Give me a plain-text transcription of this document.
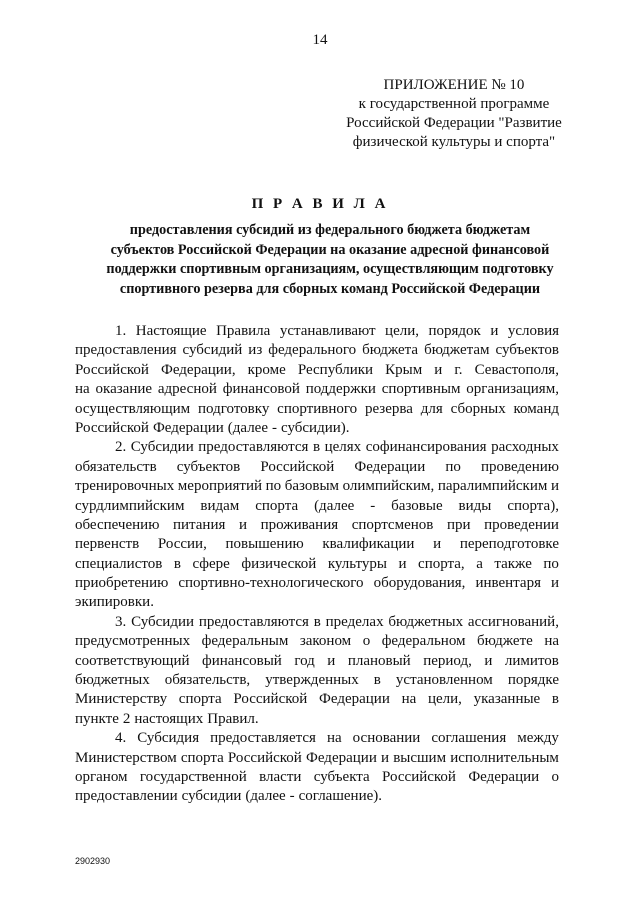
14
ПРИЛОЖЕНИЕ № 10
к государственной программе
Российской Федерации "Развитие
физической культуры и спорта"
П Р А В И Л А
предоставления субсидий из федерального бюджета бюджетам
субъектов Российской Федерации на оказание адресной финансовой
поддержки спортивным организациям, осуществляющим подготовку
спортивного резерва для сборных команд Российской Федерации
1. Настоящие Правила устанавливают цели, порядок и условия
предоставления субсидий из федерального бюджета бюджетам субъектов
Российской Федерации, кроме Республики Крым и г. Севастополя,
на оказание адресной финансовой поддержки спортивным организациям,
осуществляющим подготовку спортивного резерва для сборных команд
Российской Федерации (далее - субсидии).
2. Субсидии предоставляются в целях софинансирования расходных
обязательств субъектов Российской Федерации по проведению
тренировочных мероприятий по базовым олимпийским, паралимпийским и
сурдлимпийским видам спорта (далее - базовые виды спорта),
обеспечению питания и проживания спортсменов при проведении
первенств России, повышению квалификации и переподготовке
специалистов в сфере физической культуры и спорта, а также по
приобретению спортивно-технологического оборудования, инвентаря и
экипировки.
3. Субсидии предоставляются в пределах бюджетных ассигнований,
предусмотренных федеральным законом о федеральном бюджете на
соответствующий финансовый год и плановый период, и лимитов
бюджетных обязательств, утвержденных в установленном порядке
Министерству спорта Российской Федерации на цели, указанные в
пункте 2 настоящих Правил.
4. Субсидия предоставляется на основании соглашения между
Министерством спорта Российской Федерации и высшим исполнительным
органом государственной власти субъекта Российской Федерации о
предоставлении субсидии (далее - соглашение).
2902930
